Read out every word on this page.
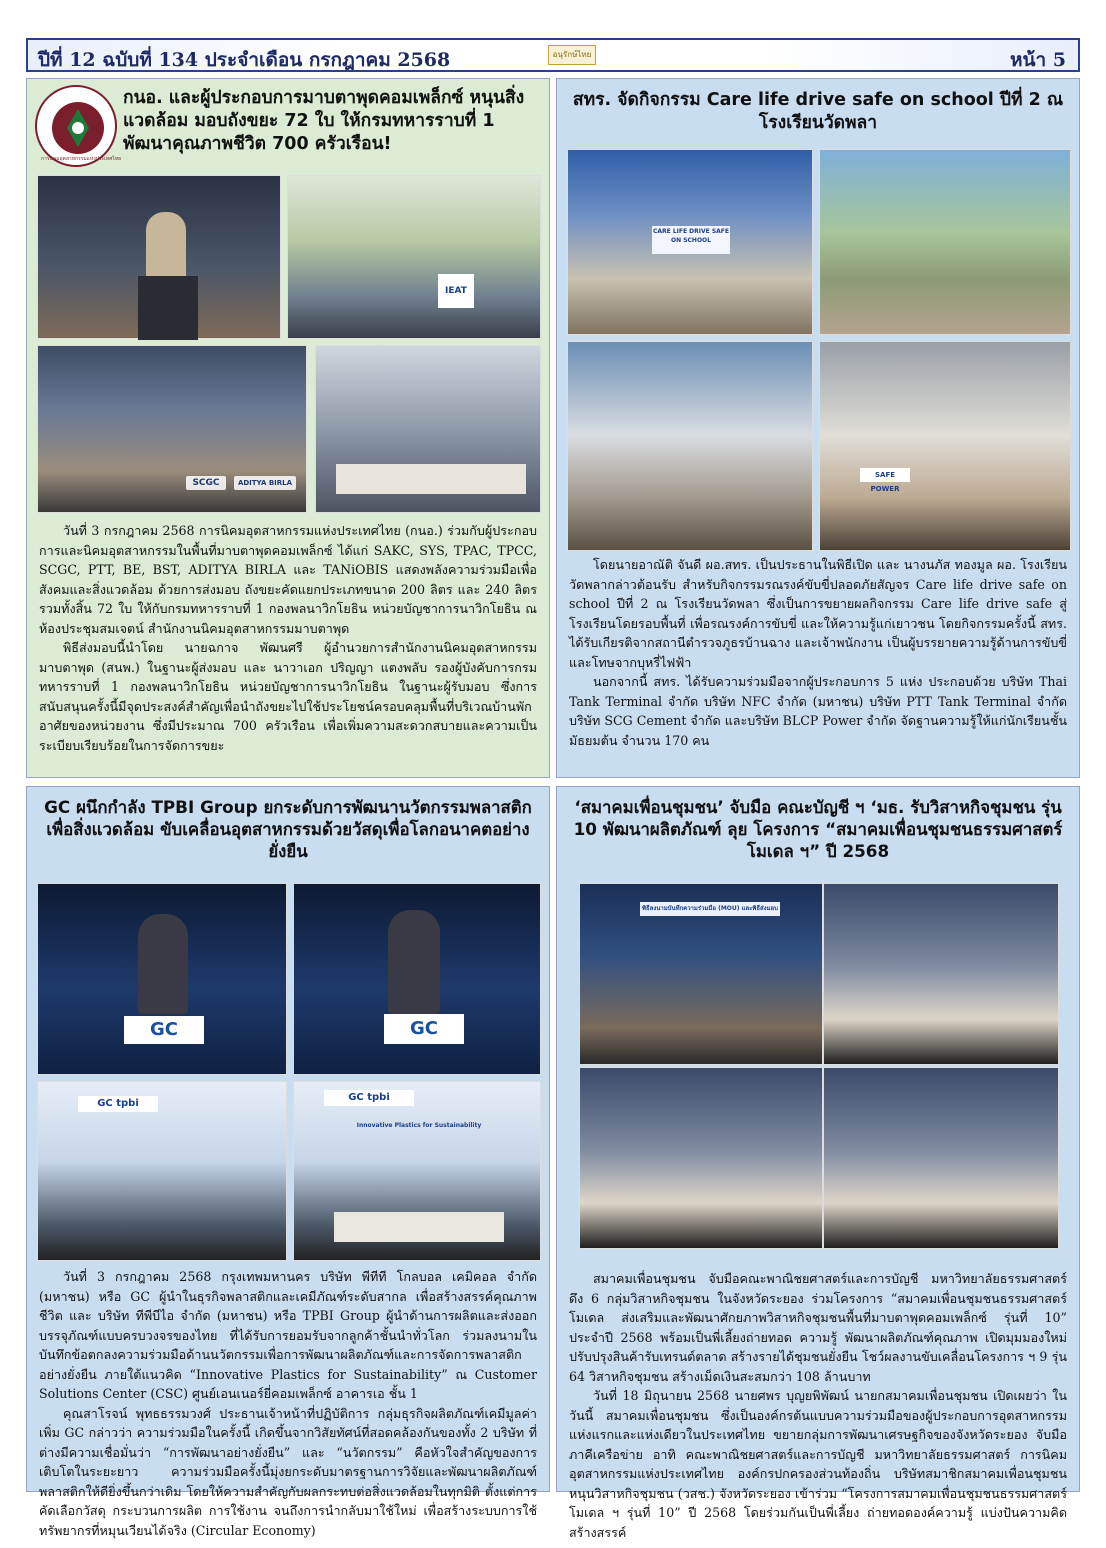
ปีที่ 12 ฉบับที่ 134 ประจำเดือน กรกฎาคม 2568	อนุรักษ์ไทย	หน้า 5
การนิคมอุตสาหกรรมแห่งประเทศไทย
กนอ. และผู้ประกอบการมาบตาพุดคอมเพล็กซ์ หนุนสิ่งแวดล้อม มอบถังขยะ 72 ใบ ให้กรมทหารราบที่ 1 พัฒนาคุณภาพชีวิต 700 ครัวเรือน!
IEAT
SCGC	ADITYA BIRLA

วันที่ 3 กรกฎาคม 2568 การนิคมอุตสาหกรรมแห่งประเทศไทย (กนอ.) ร่วมกับผู้ประกอบการและนิคมอุตสาหกรรมในพื้นที่มาบตาพุดคอมเพล็กซ์ ได้แก่ SAKC, SYS, TPAC, TPCC, SCGC, PTT, BE, BST, ADITYA BIRLA และ TANiOBIS แสดงพลังความร่วมมือเพื่อสังคมและสิ่งแวดล้อม ด้วยการส่งมอบ ถังขยะคัดแยกประเภทขนาด 200 ลิตร และ 240 ลิตร รวมทั้งสิ้น 72 ใบ ให้กับกรมทหารราบที่ 1 กองพลนาวิกโยธิน หน่วยบัญชาการนาวิกโยธิน ณ ห้องประชุมสมเจตน์ สำนักงานนิคมอุตสาหกรรมมาบตาพุด

พิธีส่งมอบนี้นำโดย นายฉกาจ พัฒนศรี ผู้อำนวยการสำนักงานนิคมอุตสาหกรรมมาบตาพุด (สนพ.) ในฐานะผู้ส่งมอบ และ นาวาเอก ปริญญา แตงพลับ รองผู้บังคับการกรมทหารราบที่ 1 กองพลนาวิกโยธิน หน่วยบัญชาการนาวิกโยธิน ในฐานะผู้รับมอบ ซึ่งการสนับสนุนครั้งนี้มีจุดประสงค์สำคัญเพื่อนำถังขยะไปใช้ประโยชน์ครอบคลุมพื้นที่บริเวณบ้านพักอาศัยของหน่วยงาน ซึ่งมีประมาณ 700 ครัวเรือน เพื่อเพิ่มความสะดวกสบายและความเป็นระเบียบเรียบร้อยในการจัดการขยะ

สทร. จัดกิจกรรม Care life drive safe on school ปีที่ 2 ณ โรงเรียนวัดพลา
CARE LIFE DRIVE SAFE ON SCHOOL
SAFE POWER

โดยนายอาณัติ จันดี ผอ.สทร. เป็นประธานในพิธีเปิด และ นางนภัส ทองมูล ผอ. โรงเรียนวัดพลากล่าวต้อนรับ สำหรับกิจกรรมรณรงค์ขับขี่ปลอดภัยสัญจร Care life drive safe on school ปีที่ 2 ณ โรงเรียนวัดพลา ซึ่งเป็นการขยายผลกิจกรรม Care life drive safe สู่โรงเรียนโดยรอบพื้นที่ เพื่อรณรงค์การขับขี่ และให้ความรู้แก่เยาวชน โดยกิจกรรมครั้งนี้ สทร. ได้รับเกียรติจากสถานีตำรวจภูธรบ้านฉาง และเจ้าพนักงาน เป็นผู้บรรยายความรู้ด้านการขับขี่และโทษจากบุหรี่ไฟฟ้า

นอกจากนี้ สทร. ได้รับความร่วมมือจากผู้ประกอบการ 5 แห่ง ประกอบด้วย บริษัท Thai Tank Terminal จำกัด บริษัท NFC จำกัด (มหาชน) บริษัท PTT Tank Terminal จำกัด บริษัท SCG Cement จำกัด และบริษัท BLCP Power จำกัด จัดฐานความรู้ให้แก่นักเรียนชั้นมัธยมต้น จำนวน 170 คน

GC ผนึกกำลัง TPBI Group ยกระดับการพัฒนานวัตกรรมพลาสติกเพื่อสิ่งแวดล้อม ขับเคลื่อนอุตสาหกรรมด้วยวัสดุเพื่อโลกอนาคตอย่างยั่งยืน
GC	GC
GC tpbi
GC tpbi
Innovative Plastics for Sustainability

วันที่ 3 กรกฎาคม 2568 กรุงเทพมหานคร บริษัท พีทีที โกลบอล เคมิคอล จำกัด (มหาชน) หรือ GC ผู้นำในธุรกิจพลาสติกและเคมีภัณฑ์ระดับสากล เพื่อสร้างสรรค์คุณภาพชีวิต และ บริษัท ทีพีบีไอ จำกัด (มหาชน) หรือ TPBI Group ผู้นำด้านการผลิตและส่งออกบรรจุภัณฑ์แบบครบวงจรของไทย ที่ได้รับการยอมรับจากลูกค้าชั้นนำทั่วโลก ร่วมลงนามในบันทึกข้อตกลงความร่วมมือด้านนวัตกรรมเพื่อการพัฒนาผลิตภัณฑ์และการจัดการพลาสติกอย่างยั่งยืน ภายใต้แนวคิด “Innovative Plastics for Sustainability” ณ Customer Solutions Center (CSC) ศูนย์เอนเนอร์ยี่คอมเพล็กซ์ อาคารเอ ชั้น 1

คุณสาโรจน์ พุทธธรรมวงศ์ ประธานเจ้าหน้าที่ปฏิบัติการ กลุ่มธุรกิจผลิตภัณฑ์เคมีมูลค่าเพิ่ม GC กล่าวว่า ความร่วมมือในครั้งนี้ เกิดขึ้นจากวิสัยทัศน์ที่สอดคล้องกันของทั้ง 2 บริษัท ที่ต่างมีความเชื่อมั่นว่า “การพัฒนาอย่างยั่งยืน” และ “นวัตกรรม” คือหัวใจสำคัญของการเติบโตในระยะยาว ความร่วมมือครั้งนี้มุ่งยกระดับมาตรฐานการวิจัยและพัฒนาผลิตภัณฑ์พลาสติกให้ดียิ่งขึ้นกว่าเดิม โดยให้ความสำคัญกับผลกระทบต่อสิ่งแวดล้อมในทุกมิติ ตั้งแต่การคัดเลือกวัสดุ กระบวนการผลิต การใช้งาน จนถึงการนำกลับมาใช้ใหม่ เพื่อสร้างระบบการใช้ทรัพยากรที่หมุนเวียนได้จริง (Circular Economy)

‘สมาคมเพื่อนชุมชน’ จับมือ คณะบัญชี ฯ ‘มธ. รับวิสาหกิจชุมชน รุ่น 10 พัฒนาผลิตภัณฑ์ ลุย โครงการ “สมาคมเพื่อนชุมชนธรรมศาสตร์โมเดล ฯ” ปี 2568
พิธีลงนามบันทึกความร่วมมือ (MOU) และพิธีส่งมอบ

สมาคมเพื่อนชุมชน จับมือคณะพาณิชยศาสตร์และการบัญชี มหาวิทยาลัยธรรมศาสตร์ ดึง 6 กลุ่มวิสาหกิจชุมชน ในจังหวัดระยอง ร่วมโครงการ “สมาคมเพื่อนชุมชนธรรมศาสตร์โมเดล ส่งเสริมและพัฒนาศักยภาพวิสาหกิจชุมชนพื้นที่มาบตาพุดคอมเพล็กซ์ รุ่นที่ 10” ประจำปี 2568 พร้อมเป็นพี่เลี้ยงถ่ายทอด ความรู้ พัฒนาผลิตภัณฑ์คุณภาพ เปิดมุมมองใหม่ ปรับปรุงสินค้ารับเทรนด์ตลาด สร้างรายได้ชุมชนยั่งยืน โชว์ผลงานขับเคลื่อนโครงการ ฯ 9 รุ่น 64 วิสาหกิจชุมชน สร้างเม็ดเงินสะสมกว่า 108 ล้านบาท

วันที่ 18 มิถุนายน 2568 นายศพร บุญยพิพัฒน์ นายกสมาคมเพื่อนชุมชน เปิดเผยว่า ในวันนี้ สมาคมเพื่อนชุมชน ซึ่งเป็นองค์กรต้นแบบความร่วมมือของผู้ประกอบการอุตสาหกรรมแห่งแรกและแห่งเดียวในประเทศไทย ขยายกลุ่มการพัฒนาเศรษฐกิจของจังหวัดระยอง จับมือภาคีเครือข่าย อาทิ คณะพาณิชยศาสตร์และการบัญชี มหาวิทยาลัยธรรมศาสตร์ การนิคมอุตสาหกรรมแห่งประเทศไทย องค์กรปกครองส่วนท้องถิ่น บริษัทสมาชิกสมาคมเพื่อนชุมชน หนุนวิสาหกิจชุมชน (วสช.) จังหวัดระยอง เข้าร่วม “โครงการสมาคมเพื่อนชุมชนธรรมศาสตร์โมเดล ฯ รุ่นที่ 10” ปี 2568 โดยร่วมกันเป็นพี่เลี้ยง ถ่ายทอดองค์ความรู้ แบ่งปันความคิดสร้างสรรค์
